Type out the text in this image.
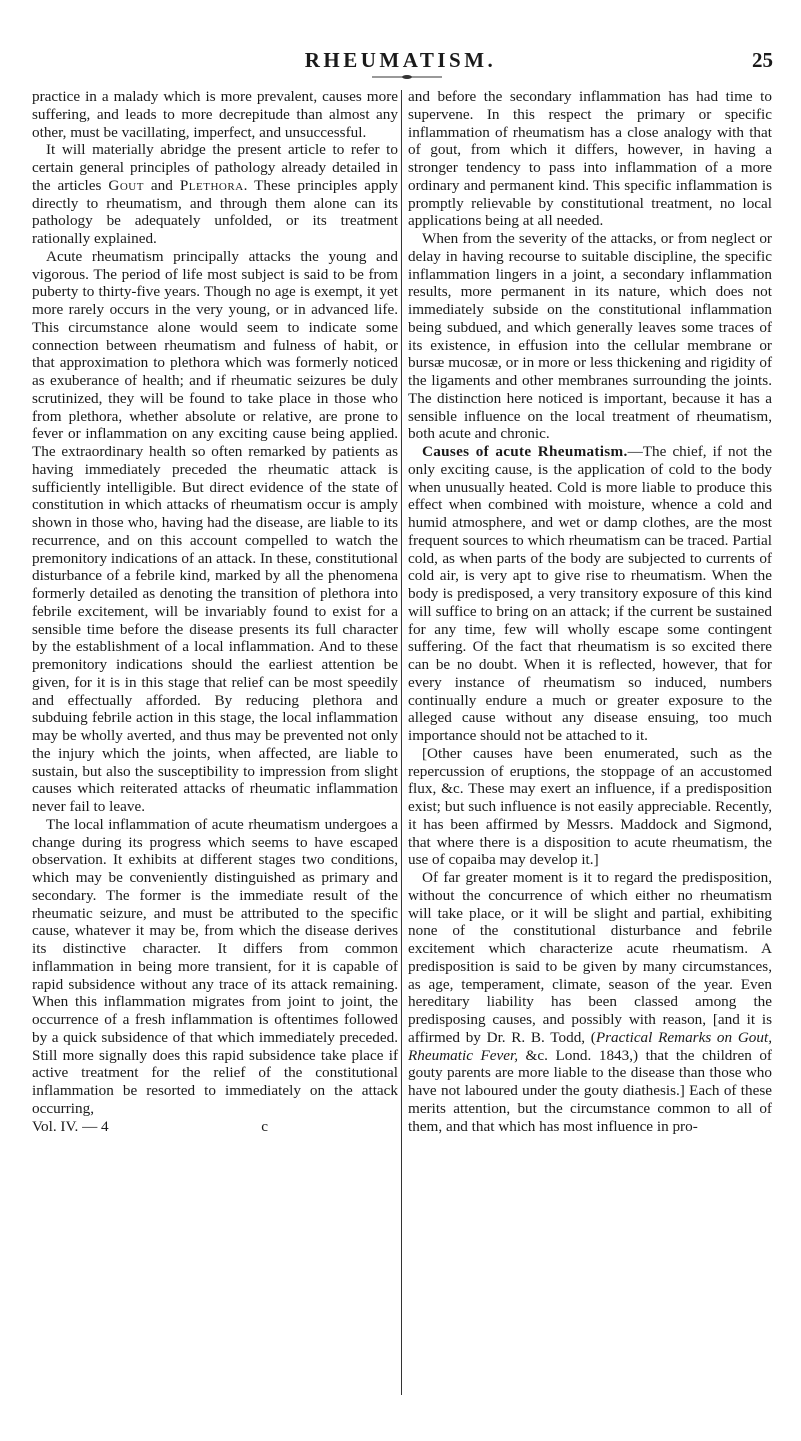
RHEUMATISM.	25

practice in a malady which is more prevalent, causes more suffering, and leads to more decrepitude than almost any other, must be vacillating, imperfect, and unsuccessful.

It will materially abridge the present article to refer to certain general principles of pathology already detailed in the articles Gout and Plethora. These principles apply directly to rheumatism, and through them alone can its pathology be adequately unfolded, or its treatment rationally explained.

Acute rheumatism principally attacks the young and vigorous. The period of life most subject is said to be from puberty to thirty-five years. Though no age is exempt, it yet more rarely occurs in the very young, or in advanced life. This circumstance alone would seem to indicate some connection between rheumatism and fulness of habit, or that approximation to plethora which was formerly noticed as exuberance of health; and if rheumatic seizures be duly scrutinized, they will be found to take place in those who from plethora, whether absolute or relative, are prone to fever or inflammation on any exciting cause being applied. The extraordinary health so often remarked by patients as having immediately preceded the rheumatic attack is sufficiently intelligible. But direct evidence of the state of constitution in which attacks of rheumatism occur is amply shown in those who, having had the disease, are liable to its recurrence, and on this account compelled to watch the premonitory indications of an attack. In these, constitutional disturbance of a febrile kind, marked by all the phenomena formerly detailed as denoting the transition of plethora into febrile excitement, will be invariably found to exist for a sensible time before the disease presents its full character by the establishment of a local inflammation. And to these premonitory indications should the earliest attention be given, for it is in this stage that relief can be most speedily and effectually afforded. By reducing plethora and subduing febrile action in this stage, the local inflammation may be wholly averted, and thus may be prevented not only the injury which the joints, when affected, are liable to sustain, but also the susceptibility to impression from slight causes which reiterated attacks of rheumatic inflammation never fail to leave.

The local inflammation of acute rheumatism undergoes a change during its progress which seems to have escaped observation. It exhibits at different stages two conditions, which may be conveniently distinguished as primary and secondary. The former is the immediate result of the rheumatic seizure, and must be attributed to the specific cause, whatever it may be, from which the disease derives its distinctive character. It differs from common inflammation in being more transient, for it is capable of rapid subsidence without any trace of its attack remaining. When this inflammation migrates from joint to joint, the occurrence of a fresh inflammation is oftentimes followed by a quick subsidence of that which immediately preceded. Still more signally does this rapid subsidence take place if active treatment for the relief of the constitutional inflammation be resorted to immediately on the attack occurring,

Vol. IV. — 4	c

and before the secondary inflammation has had time to supervene. In this respect the primary or specific inflammation of rheumatism has a close analogy with that of gout, from which it differs, however, in having a stronger tendency to pass into inflammation of a more ordinary and permanent kind. This specific inflammation is promptly relievable by constitutional treatment, no local applications being at all needed.

When from the severity of the attacks, or from neglect or delay in having recourse to suitable discipline, the specific inflammation lingers in a joint, a secondary inflammation results, more permanent in its nature, which does not immediately subside on the constitutional inflammation being subdued, and which generally leaves some traces of its existence, in effusion into the cellular membrane or bursæ mucosæ, or in more or less thickening and rigidity of the ligaments and other membranes surrounding the joints. The distinction here noticed is important, because it has a sensible influence on the local treatment of rheumatism, both acute and chronic.

Causes of acute Rheumatism.—The chief, if not the only exciting cause, is the application of cold to the body when unusually heated. Cold is more liable to produce this effect when combined with moisture, whence a cold and humid atmosphere, and wet or damp clothes, are the most frequent sources to which rheumatism can be traced. Partial cold, as when parts of the body are subjected to currents of cold air, is very apt to give rise to rheumatism. When the body is predisposed, a very transitory exposure of this kind will suffice to bring on an attack; if the current be sustained for any time, few will wholly escape some contingent suffering. Of the fact that rheumatism is so excited there can be no doubt. When it is reflected, however, that for every instance of rheumatism so induced, numbers continually endure a much or greater exposure to the alleged cause without any disease ensuing, too much importance should not be attached to it.

[Other causes have been enumerated, such as the repercussion of eruptions, the stoppage of an accustomed flux, &c. These may exert an influence, if a predisposition exist; but such influence is not easily appreciable. Recently, it has been affirmed by Messrs. Maddock and Sigmond, that where there is a disposition to acute rheumatism, the use of copaiba may develop it.]

Of far greater moment is it to regard the predisposition, without the concurrence of which either no rheumatism will take place, or it will be slight and partial, exhibiting none of the constitutional disturbance and febrile excitement which characterize acute rheumatism. A predisposition is said to be given by many circumstances, as age, temperament, climate, season of the year. Even hereditary liability has been classed among the predisposing causes, and possibly with reason, [and it is affirmed by Dr. R. B. Todd, (Practical Remarks on Gout, Rheumatic Fever, &c. Lond. 1843,) that the children of gouty parents are more liable to the disease than those who have not laboured under the gouty diathesis.] Each of these merits attention, but the circumstance common to all of them, and that which has most influence in pro-
